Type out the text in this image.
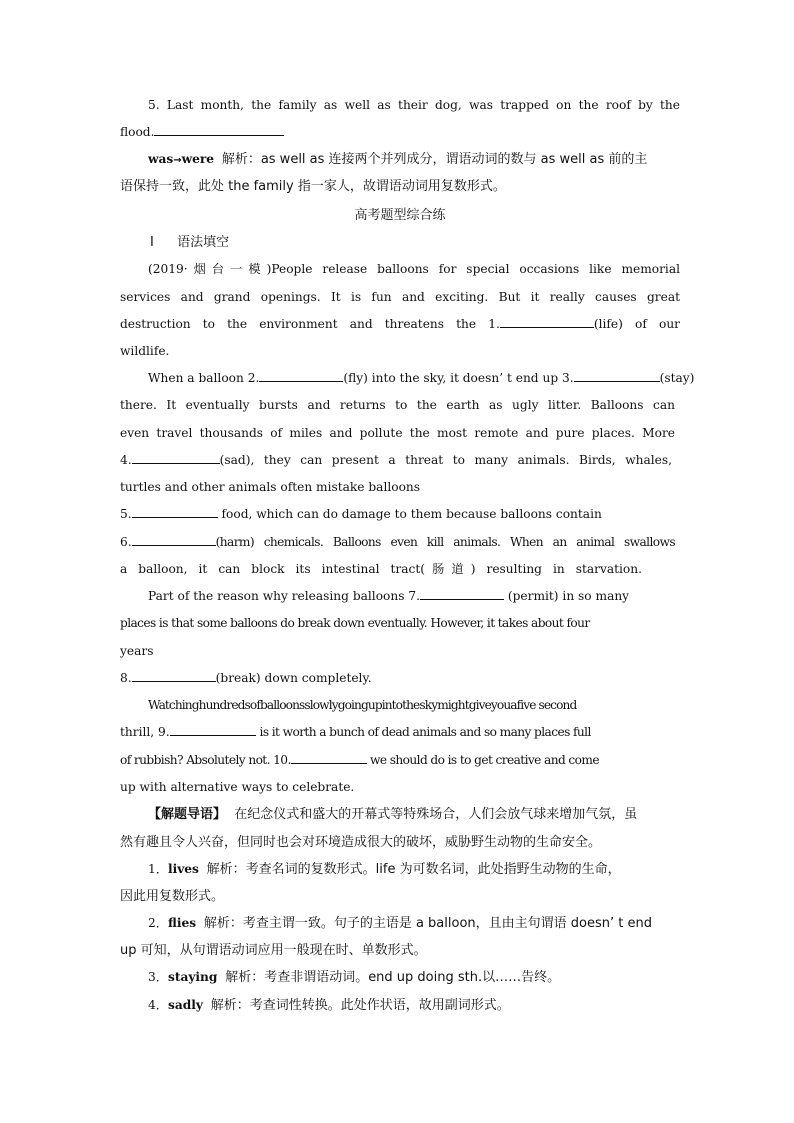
5. Last month, the family as well as their dog, was trapped on the roof by the
flood.
was→were 解析：as well as 连接两个并列成分，谓语动词的数与 as well as 前的主
语保持一致，此处 the family 指一家人，故谓语动词用复数形式。
高考题型综合练
Ⅰ 语法填空
(2019·烟台一模)People release balloons for special occasions like memorial
services and grand openings. It is fun and exciting. But it really causes great
destruction to the environment and threatens the 1.	(life) of our
wildlife.
When a balloon 2.	(fly) into the sky, it doesn’ t end up 3.	(stay)
there. It eventually bursts and returns to the earth as ugly litter. Balloons can
even travel thousands of miles and pollute the most remote and pure places. More
4.	(sad), they can present a threat to many animals. Birds, whales,
turtles and other animals often mistake balloons
5.	food, which can do damage to them because balloons contain
6.	(harm) chemicals. Balloons even kill animals. When an animal swallows
a balloon, it can block its intestinal tract(肠道) resulting in starvation.
Part of the reason why releasing balloons 7.	(permit) in so many
places is that some balloons do break down eventually. However, it takes about four
years
8.	(break) down completely.
Watchinghundredsofballoonsslowlygoingupintotheskymightgiveyouafive second
thrill, 9.	is it worth a bunch of dead animals and so many places full
of rubbish? Absolutely not. 10.	we should do is to get creative and come
up with alternative ways to celebrate.
【解题导语】 在纪念仪式和盛大的开幕式等特殊场合，人们会放气球来增加气氛，虽
然有趣且令人兴奋，但同时也会对环境造成很大的破坏，威胁野生动物的生命安全。
1．lives 解析：考查名词的复数形式。life 为可数名词，此处指野生动物的生命，
因此用复数形式。
2．flies 解析：考查主谓一致。句子的主语是 a balloon，且由主句谓语 doesn’ t end
up 可知，从句谓语动词应用一般现在时、单数形式。
3．staying 解析：考查非谓语动词。end up doing sth.以……告终。
4．sadly 解析：考查词性转换。此处作状语，故用副词形式。
